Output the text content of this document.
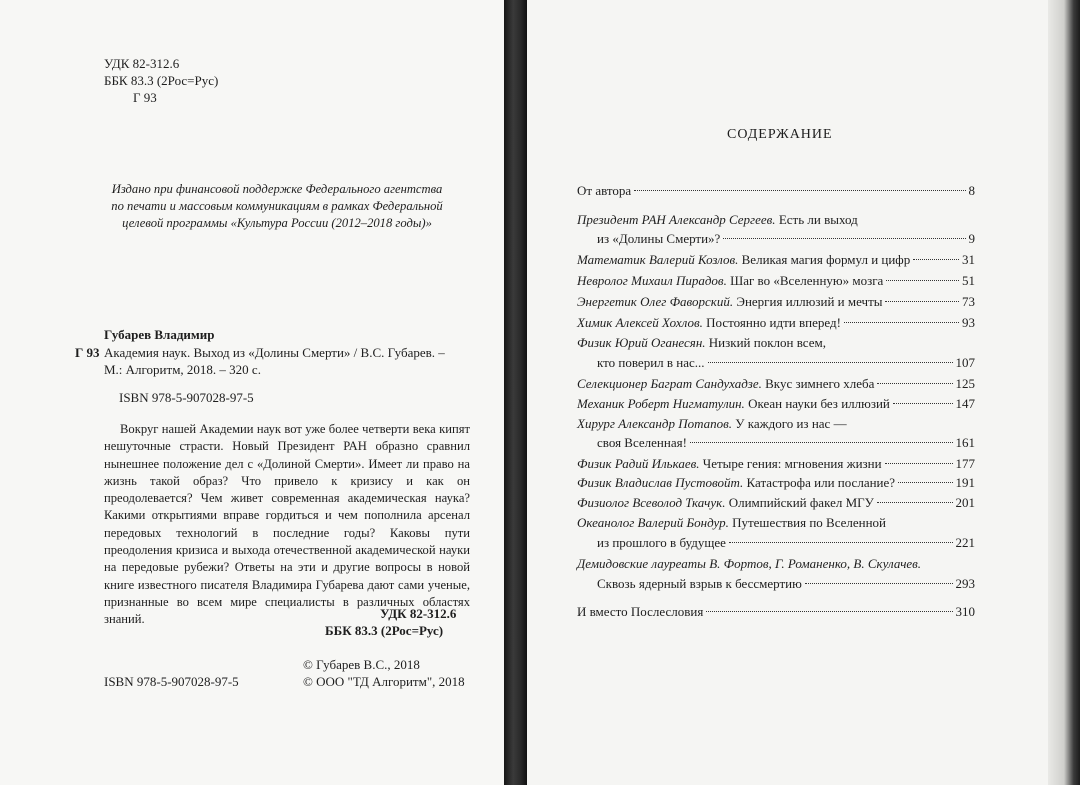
УДК 82-312.6
ББК 83.3 (2Рос=Рус)
Г 93
Издано при финансовой поддержке Федерального агентства
по печати и массовым коммуникациям в рамках Федеральной
целевой программы «Культура России (2012–2018 годы)»
Губарев Владимир
Г 93 Академия наук. Выход из «Долины Смерти» / В.С. Губарев. –
М.: Алгоритм, 2018. – 320 с.
ISBN 978-5-907028-97-5
Вокруг нашей Академии наук вот уже более четверти века кипят нешуточные страсти. Новый Президент РАН образно сравнил нынешнее положение дел с «Долиной Смерти». Имеет ли право на жизнь такой образ? Что привело к кризису и как он преодолевается? Чем живет современная академическая наука? Какими открытиями вправе гордиться и чем пополнила арсенал передовых технологий в последние годы? Каковы пути преодоления кризиса и выхода отечественной академической науки на передовые рубежи? Ответы на эти и другие вопросы в новой книге известного писателя Владимира Губарева дают сами ученые, признанные во всем мире специалисты в различных областях знаний.	УДК 82-312.6
ББК 83.3 (2Рос=Рус)
© Губарев В.С., 2018
ISBN 978-5-907028-97-5	© ООО "ТД Алгоритм", 2018
СОДЕРЖАНИЕ
От автора	8
Президент РАН Александр Сергеев. Есть ли выход
из «Долины Смерти»?	9
Математик Валерий Козлов. Великая магия формул и цифр	31
Невролог Михаил Пирадов. Шаг во «Вселенную» мозга	51
Энергетик Олег Фаворский. Энергия иллюзий и мечты	73
Химик Алексей Хохлов. Постоянно идти вперед!	93
Физик Юрий Оганесян. Низкий поклон всем,
кто поверил в нас...	107
Селекционер Баграт Сандухадзе. Вкус зимнего хлеба	125
Механик Роберт Нигматулин. Океан науки без иллюзий	147
Хирург Александр Потапов. У каждого из нас —
своя Вселенная!	161
Физик Радий Илькаев. Четыре гения: мгновения жизни	177
Физик Владислав Пустовойт. Катастрофа или послание?	191
Физиолог Всеволод Ткачук. Олимпийский факел МГУ	201
Океанолог Валерий Бондур. Путешествия по Вселенной
из прошлого в будущее	221
Демидовские лауреаты В. Фортов, Г. Романенко, В. Скулачев.
Сквозь ядерный взрыв к бессмертию	293
И вместо Послесловия	310
